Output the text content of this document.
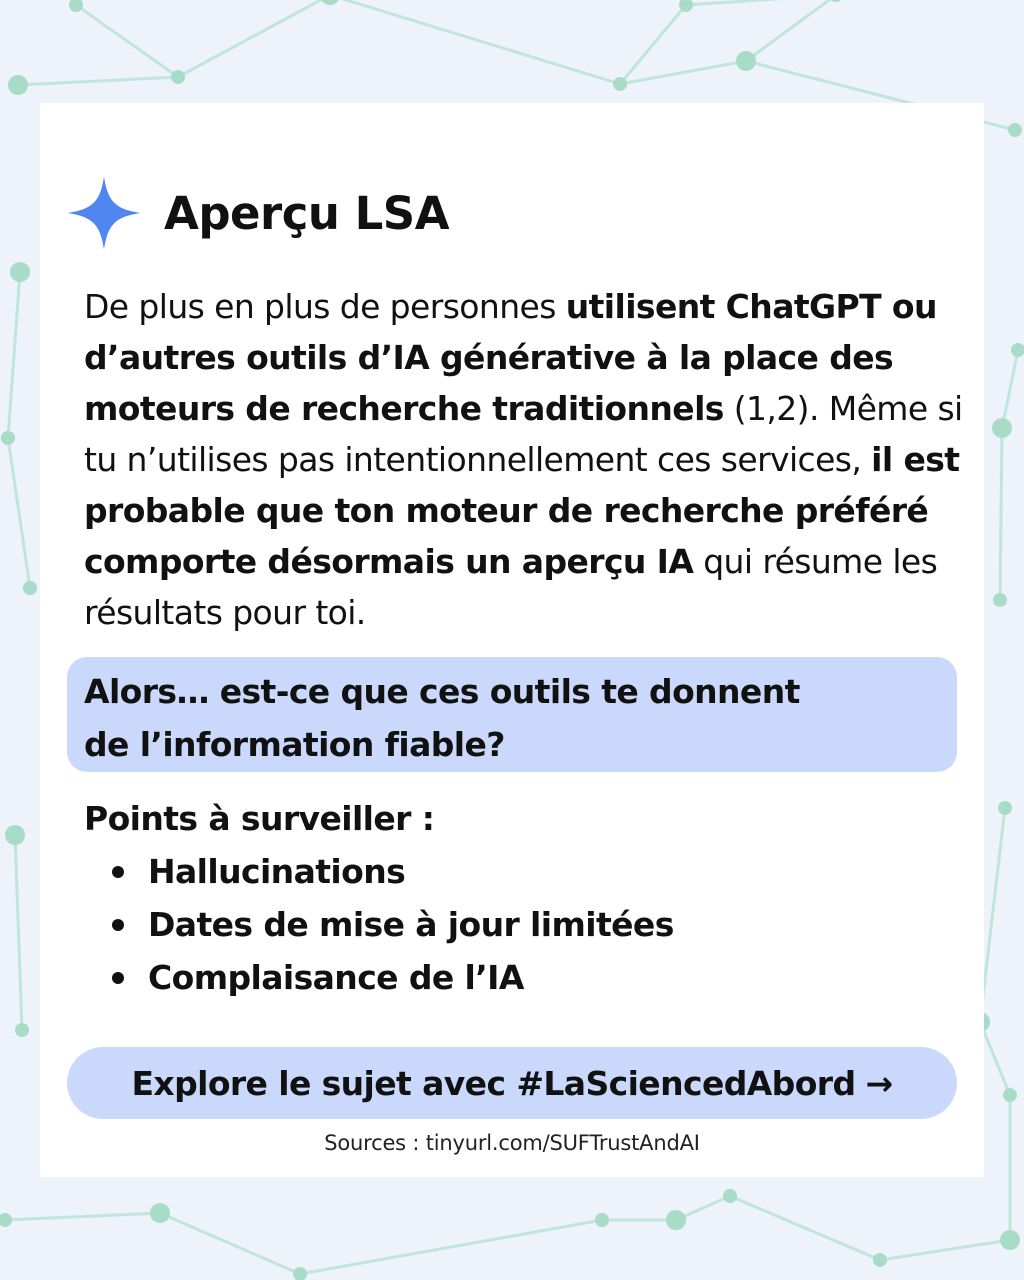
Aperçu LSA
De plus en plus de personnes utilisent ChatGPT ou d’autres outils d’IA générative à la place des moteurs de recherche traditionnels (1,2). Même si tu n’utilises pas intentionnellement ces services, il est probable que ton moteur de recherche préféré comporte désormais un aperçu IA qui résume les résultats pour toi.
Alors… est-ce que ces outils te donnent
de l’information fiable?
Points à surveiller :
Hallucinations
Dates de mise à jour limitées
Complaisance de l’IA
Explore le sujet avec #LaSciencedAbord →
Sources : tinyurl.com/SUFTrustAndAI
